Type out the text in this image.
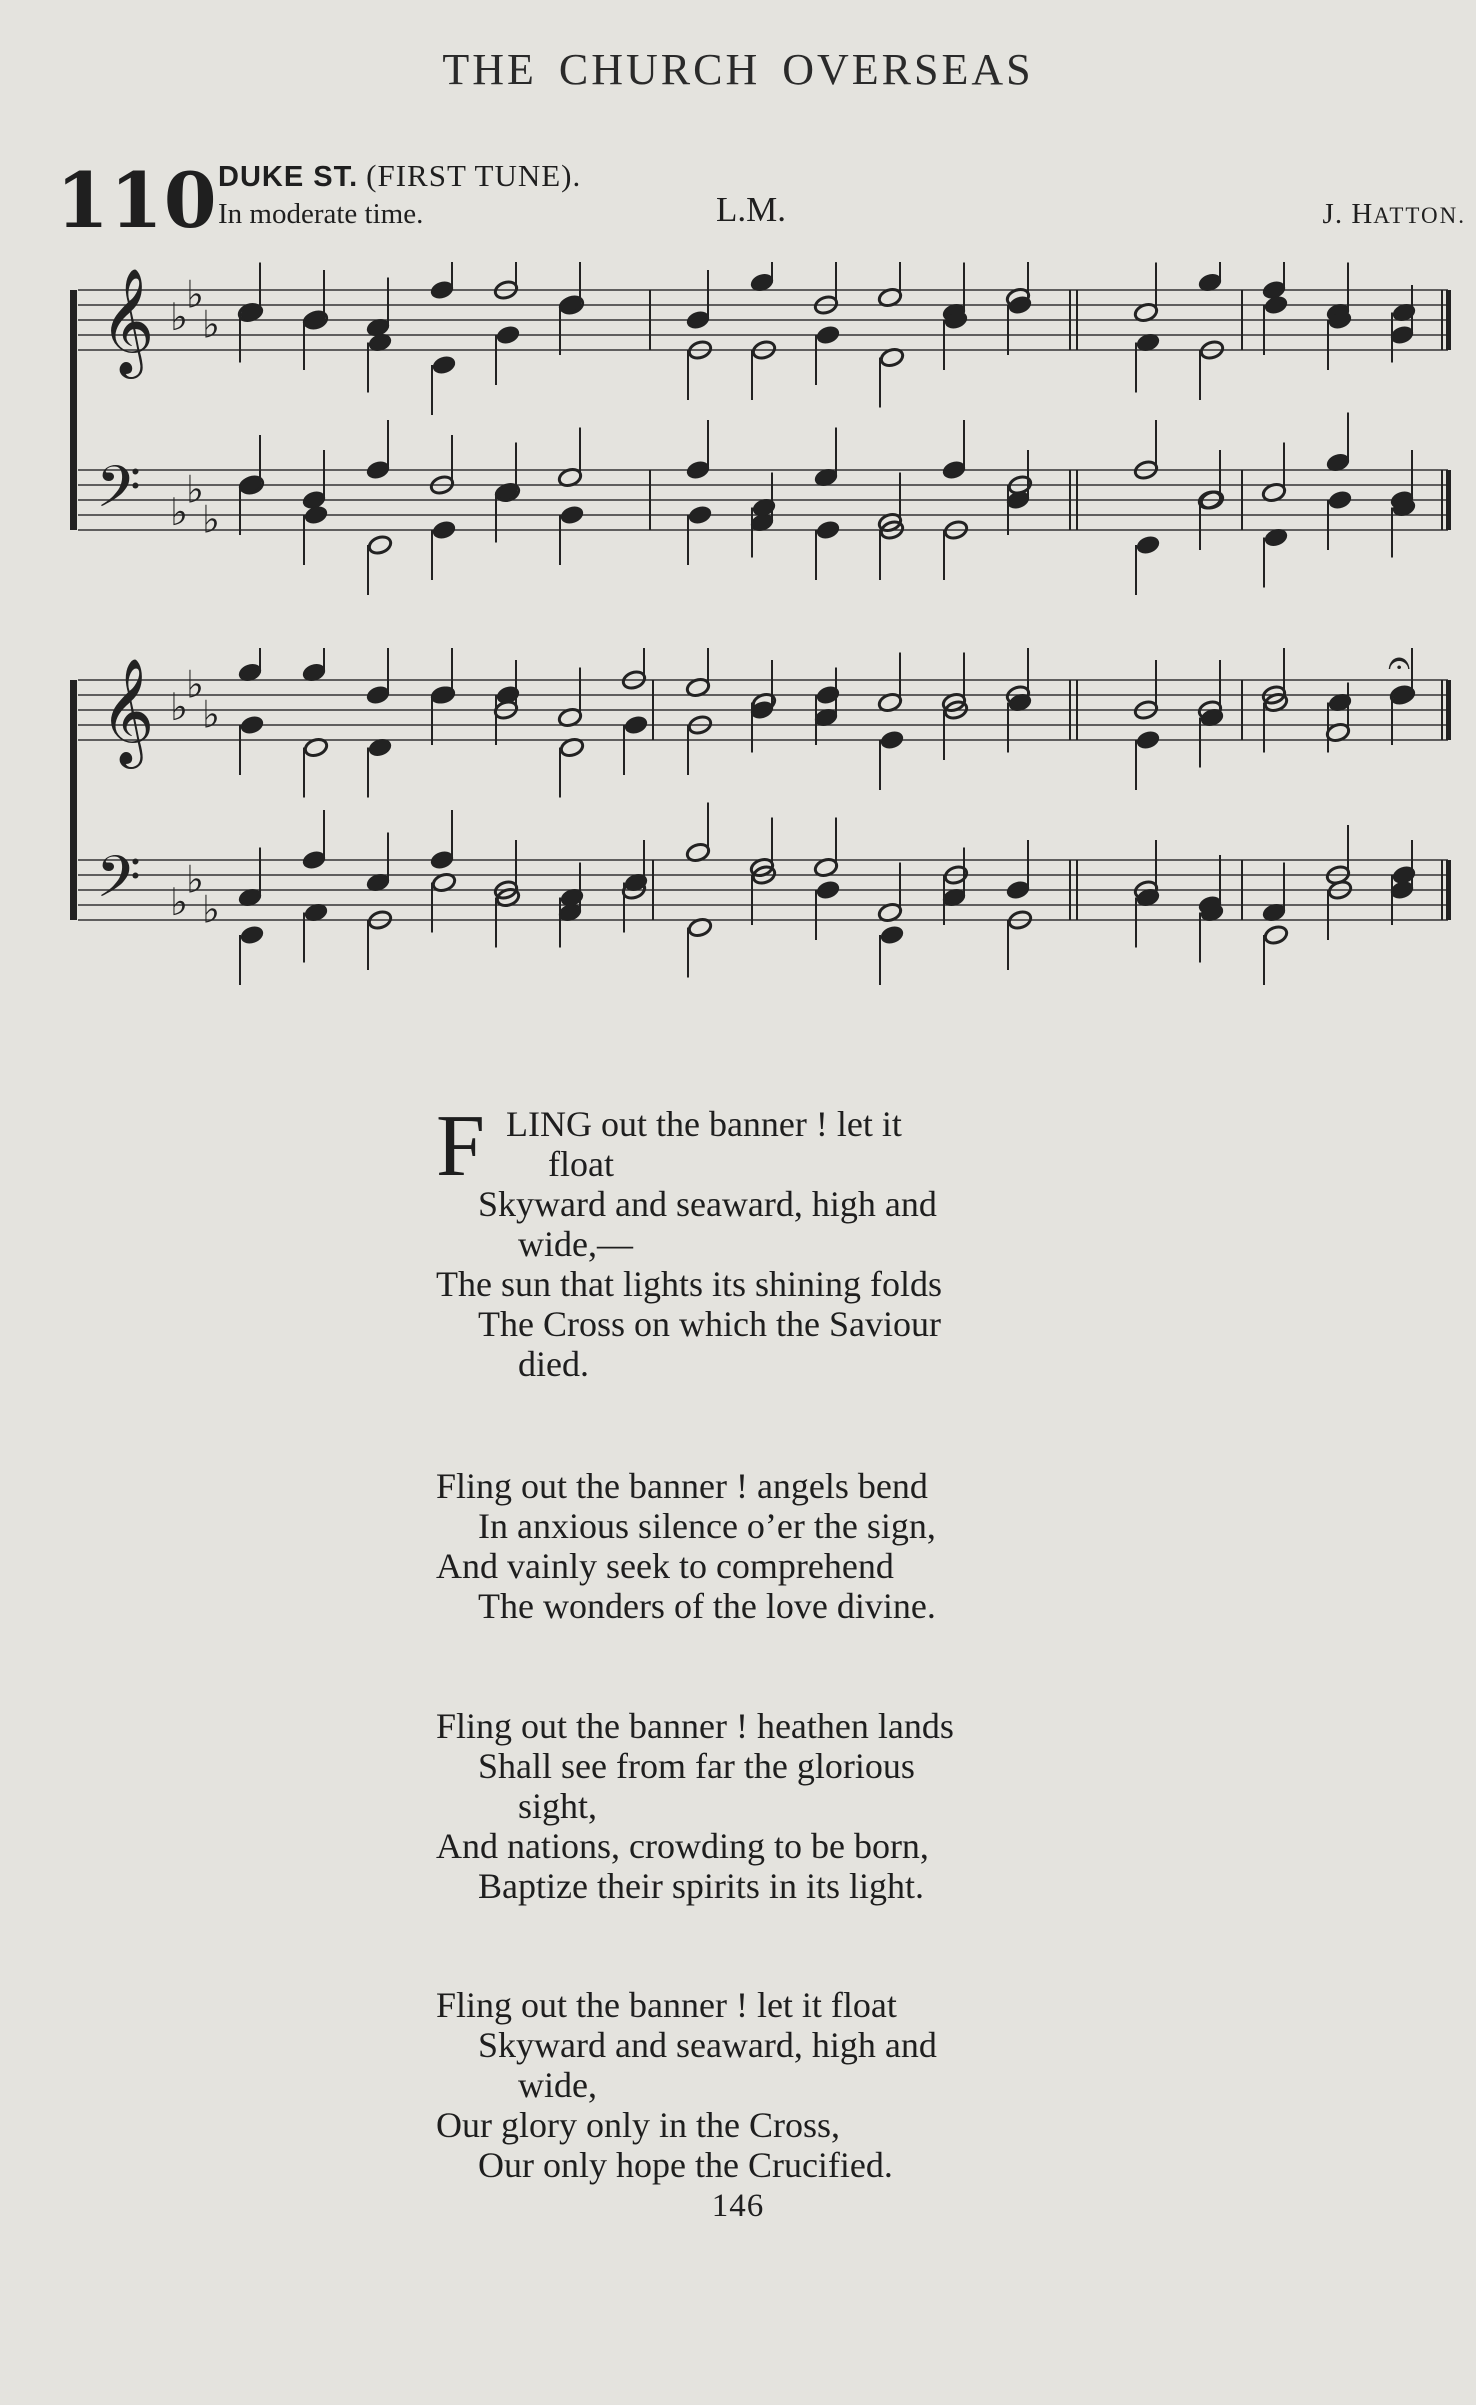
THE CHURCH OVERSEAS
110 DUKE ST. (FIRST TUNE).
In moderate time.	L.M.	J. HATTON.
𝄞
𝄢
♭
♭
♭
♭
♭
♭
𝄞
𝄢
♭
♭
♭
♭
♭
♭
𝄐
F LING out the banner ! let it
float
Skyward and seaward, high and
wide,—
The sun that lights its shining folds
The Cross on which the Saviour
died.
Fling out the banner ! angels bend
In anxious silence o’er the sign,
And vainly seek to comprehend
The wonders of the love divine.
Fling out the banner ! heathen lands
Shall see from far the glorious
sight,
And nations, crowding to be born,
Baptize their spirits in its light.
Fling out the banner ! let it float
Skyward and seaward, high and
wide,
Our glory only in the Cross,
Our only hope the Crucified.
146
